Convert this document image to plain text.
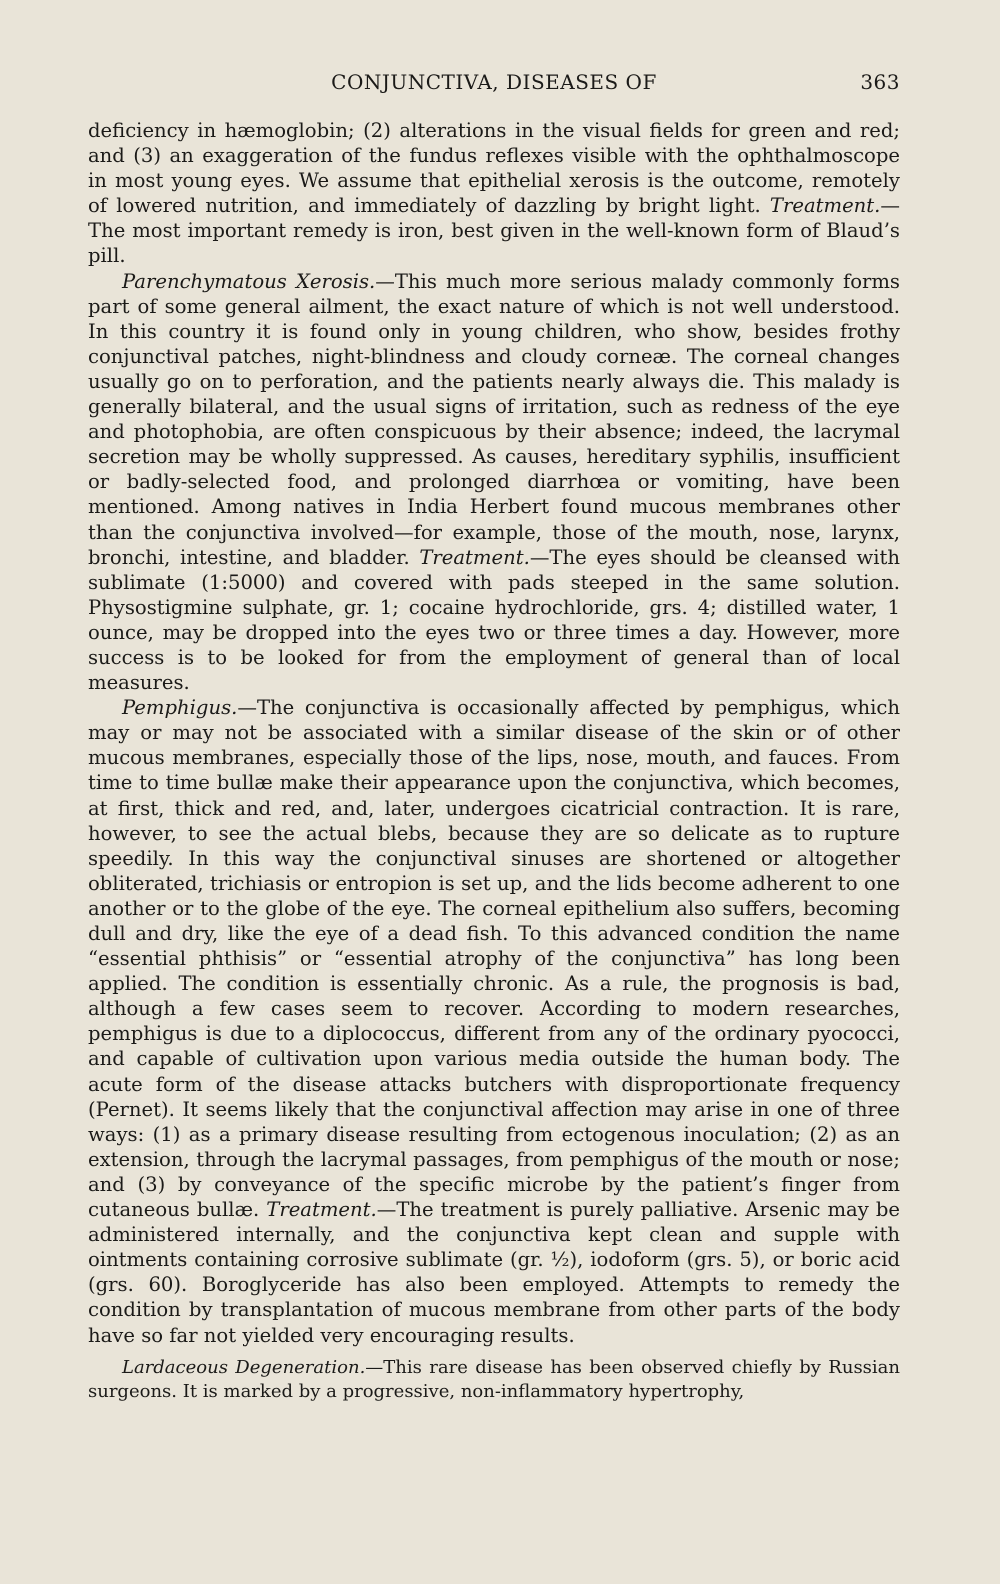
CONJUNCTIVA, DISEASES OF	363

deficiency in hæmoglobin; (2) alterations in the visual fields for green and red; and (3) an exaggeration of the fundus reflexes visible with the ophthalmoscope in most young eyes. We assume that epithelial xerosis is the outcome, remotely of lowered nutrition, and immediately of dazzling by bright light. Treatment.— The most important remedy is iron, best given in the well-known form of Blaud’s pill.

Parenchymatous Xerosis.—This much more serious malady commonly forms part of some general ailment, the exact nature of which is not well understood. In this country it is found only in young children, who show, besides frothy conjunctival patches, night-blindness and cloudy corneæ. The corneal changes usually go on to perforation, and the patients nearly always die. This malady is generally bilateral, and the usual signs of irritation, such as redness of the eye and photophobia, are often conspicuous by their absence; indeed, the lacrymal secretion may be wholly suppressed. As causes, hereditary syphilis, insufficient or badly-selected food, and prolonged diarrhœa or vomiting, have been mentioned. Among natives in India Herbert found mucous membranes other than the conjunctiva involved—for example, those of the mouth, nose, larynx, bronchi, intestine, and bladder. Treatment.—The eyes should be cleansed with sublimate (1:5000) and covered with pads steeped in the same solution. Physostigmine sulphate, gr. 1; cocaine hydrochloride, grs. 4; distilled water, 1 ounce, may be dropped into the eyes two or three times a day. However, more success is to be looked for from the employment of general than of local measures.

Pemphigus.—The conjunctiva is occasionally affected by pemphigus, which may or may not be associated with a similar disease of the skin or of other mucous membranes, especially those of the lips, nose, mouth, and fauces. From time to time bullæ make their appearance upon the conjunctiva, which becomes, at first, thick and red, and, later, undergoes cicatricial contraction. It is rare, however, to see the actual blebs, because they are so delicate as to rupture speedily. In this way the conjunctival sinuses are shortened or altogether obliterated, trichiasis or entropion is set up, and the lids become adherent to one another or to the globe of the eye. The corneal epithelium also suffers, becoming dull and dry, like the eye of a dead fish. To this advanced condition the name “essential phthisis” or “essential atrophy of the conjunctiva” has long been applied. The condition is essentially chronic. As a rule, the prognosis is bad, although a few cases seem to recover. According to modern researches, pemphigus is due to a diplococcus, different from any of the ordinary pyococci, and capable of cultivation upon various media outside the human body. The acute form of the disease attacks butchers with disproportionate frequency (Pernet). It seems likely that the conjunctival affection may arise in one of three ways: (1) as a primary disease resulting from ectogenous inoculation; (2) as an extension, through the lacrymal passages, from pemphigus of the mouth or nose; and (3) by conveyance of the specific microbe by the patient’s finger from cutaneous bullæ. Treatment.—The treatment is purely palliative. Arsenic may be administered internally, and the conjunctiva kept clean and supple with ointments containing corrosive sublimate (gr. ½), iodoform (grs. 5), or boric acid (grs. 60). Boroglyceride has also been employed. Attempts to remedy the condition by transplantation of mucous membrane from other parts of the body have so far not yielded very encouraging results.

Lardaceous Degeneration.—This rare disease has been observed chiefly by Russian surgeons. It is marked by a progressive, non-inflammatory hypertrophy,
